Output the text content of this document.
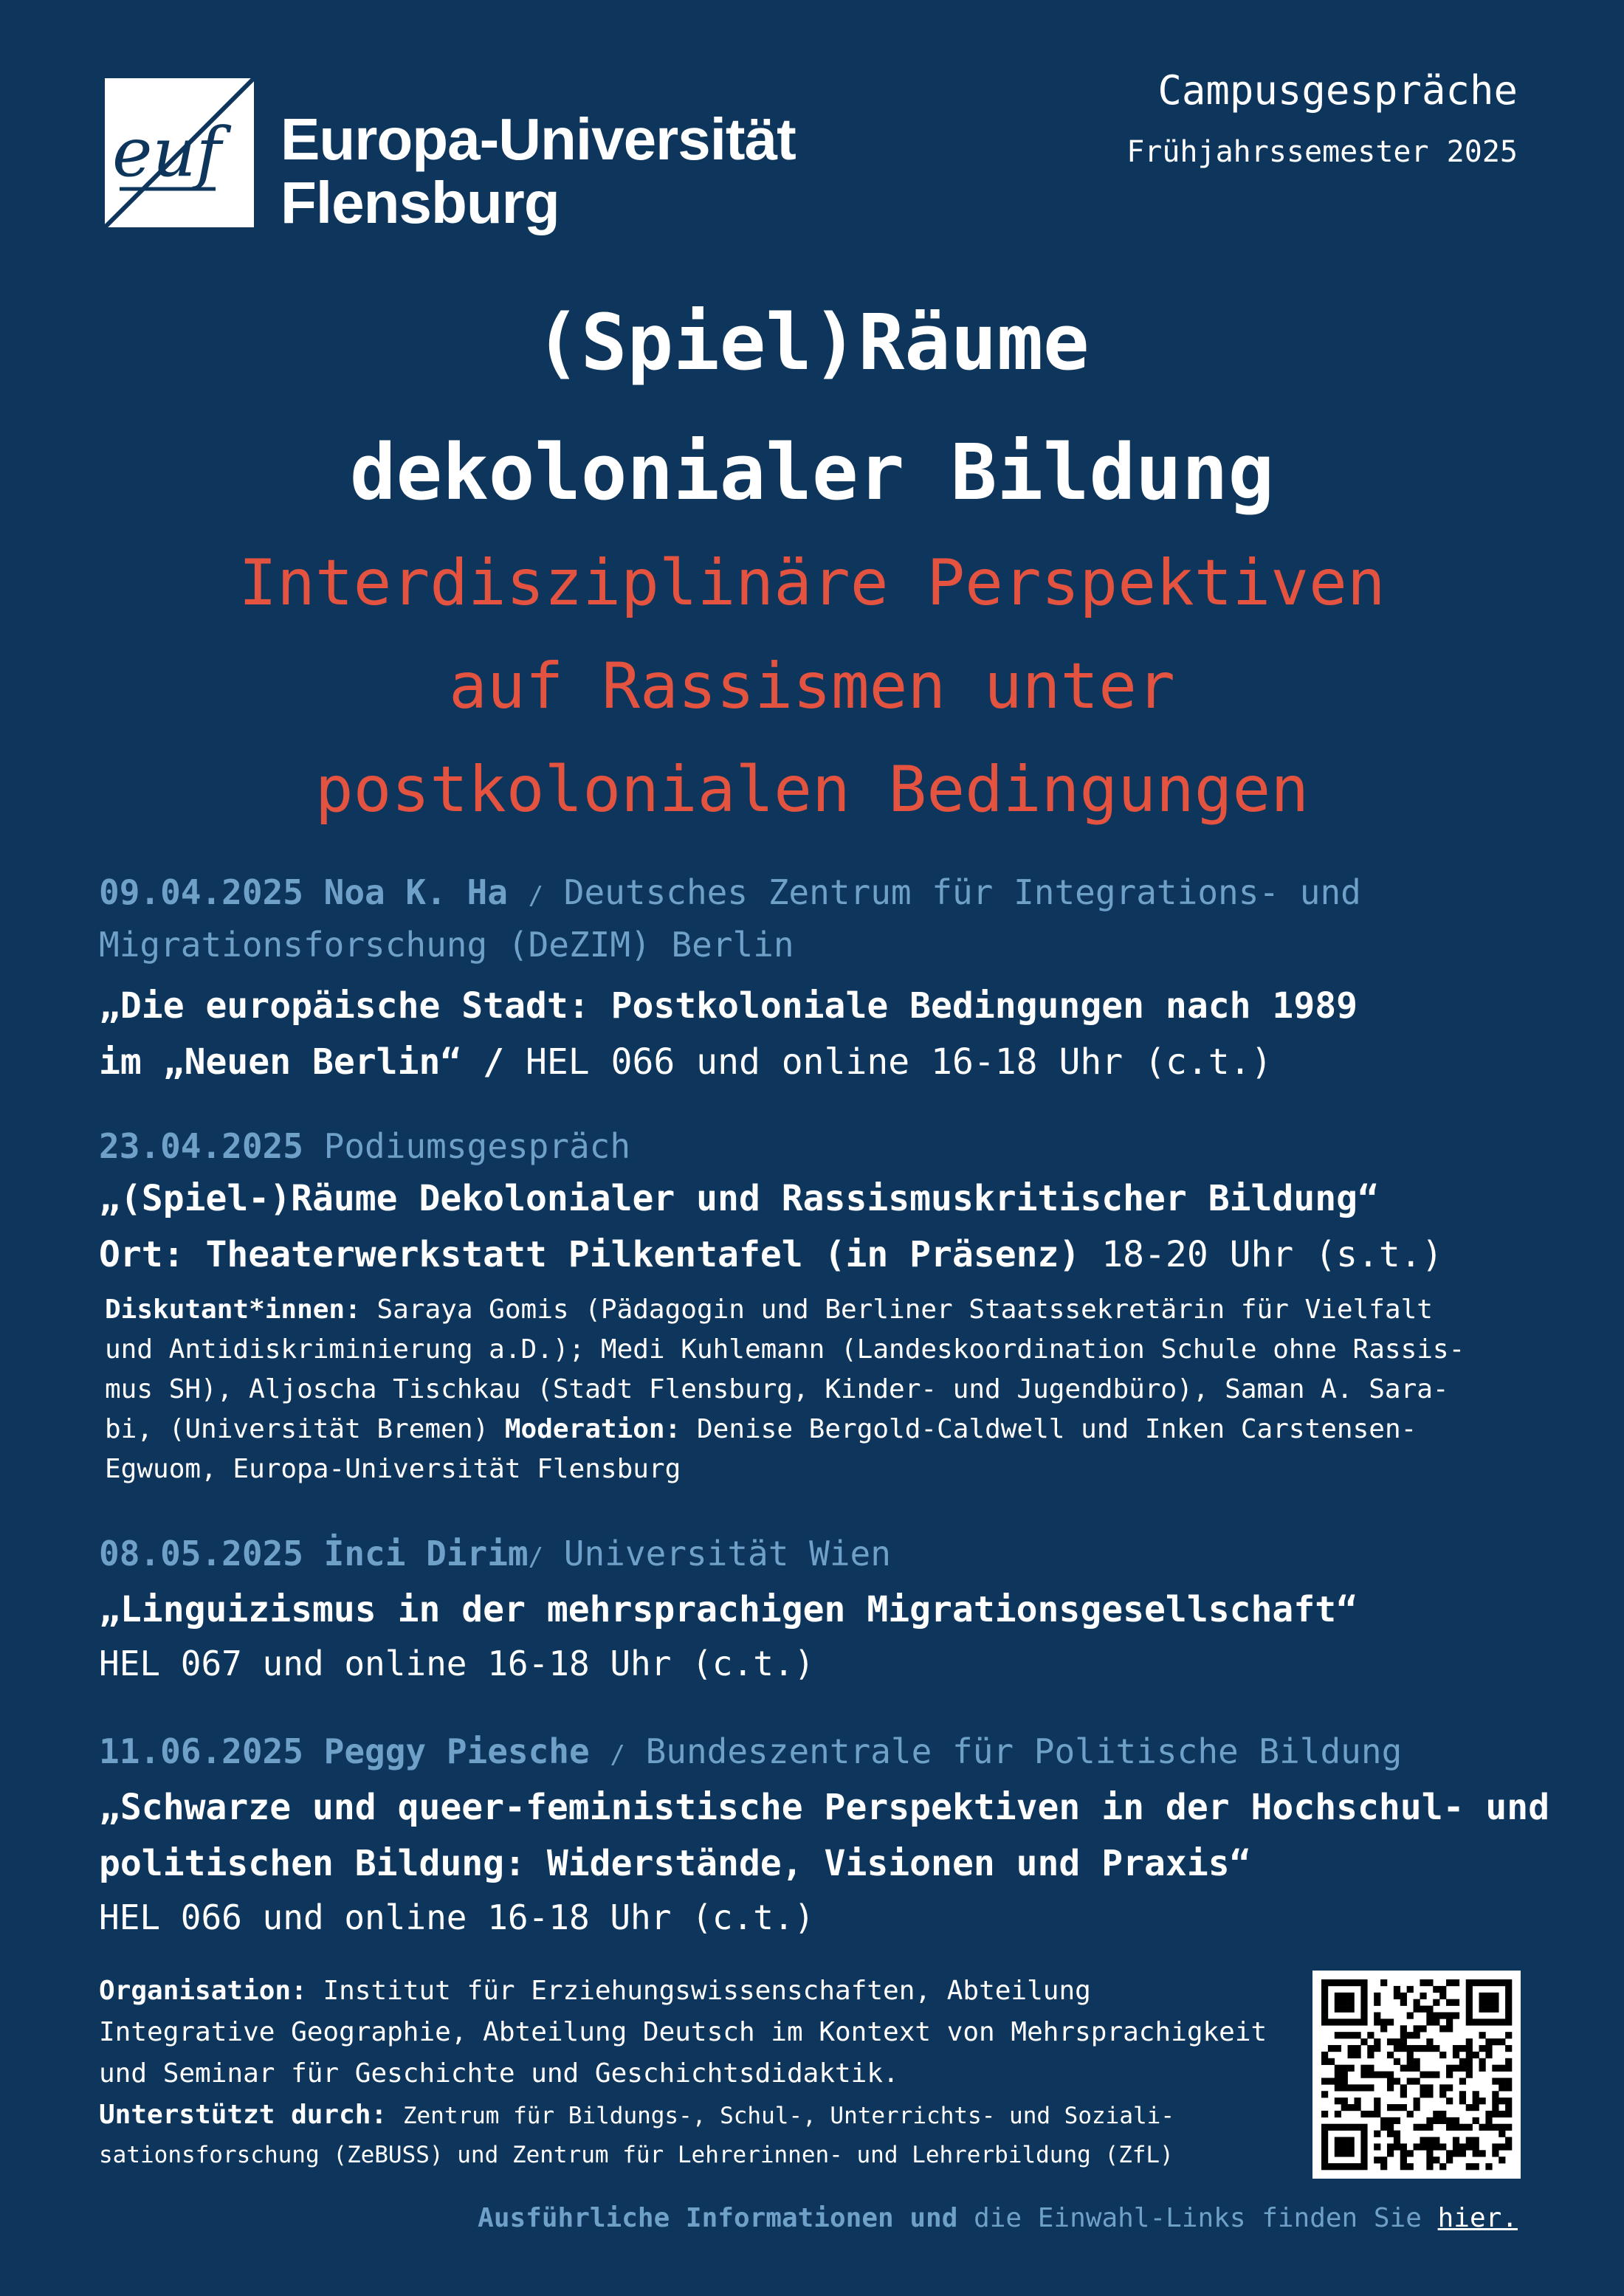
euf Europa-Universität
Flensburg
Campusgespräche
Frühjahrssemester 2025
(Spiel)Räume
dekolonialer Bildung
Interdisziplinäre Perspektiven
auf Rassismen unter
postkolonialen Bedingungen
09.04.2025 Noa K. Ha / Deutsches Zentrum für Integrations- und
Migrationsforschung (DeZIM) Berlin
„Die europäische Stadt: Postkoloniale Bedingungen nach 1989
im „Neuen Berlin“ / HEL 066 und online 16-18 Uhr (c.t.)
23.04.2025 Podiumsgespräch
„(Spiel-)Räume Dekolonialer und Rassismuskritischer Bildung“
Ort: Theaterwerkstatt Pilkentafel (in Präsenz) 18-20 Uhr (s.t.)
Diskutant*innen: Saraya Gomis (Pädagogin und Berliner Staatssekretärin für Vielfalt
und Antidiskriminierung a.D.); Medi Kuhlemann (Landeskoordination Schule ohne Rassis-
mus SH), Aljoscha Tischkau (Stadt Flensburg, Kinder- und Jugendbüro), Saman A. Sara-
bi, (Universität Bremen) Moderation: Denise Bergold-Caldwell und Inken Carstensen-
Egwuom, Europa-Universität Flensburg
08.05.2025 İnci Dirim/ Universität Wien
„Linguizismus in der mehrsprachigen Migrationsgesellschaft“
HEL 067 und online 16-18 Uhr (c.t.)
11.06.2025 Peggy Piesche / Bundeszentrale für Politische Bildung
„Schwarze und queer-feministische Perspektiven in der Hochschul- und
politischen Bildung: Widerstände, Visionen und Praxis“
HEL 066 und online 16-18 Uhr (c.t.)
Organisation: Institut für Erziehungswissenschaften, Abteilung
Integrative Geographie, Abteilung Deutsch im Kontext von Mehrsprachigkeit
und Seminar für Geschichte und Geschichtsdidaktik.
Unterstützt durch: Zentrum für Bildungs-, Schul-, Unterrichts- und Soziali-
sationsforschung (ZeBUSS) und Zentrum für Lehrerinnen- und Lehrerbildung (ZfL)
Ausführliche Informationen und die Einwahl-Links finden Sie hier.
